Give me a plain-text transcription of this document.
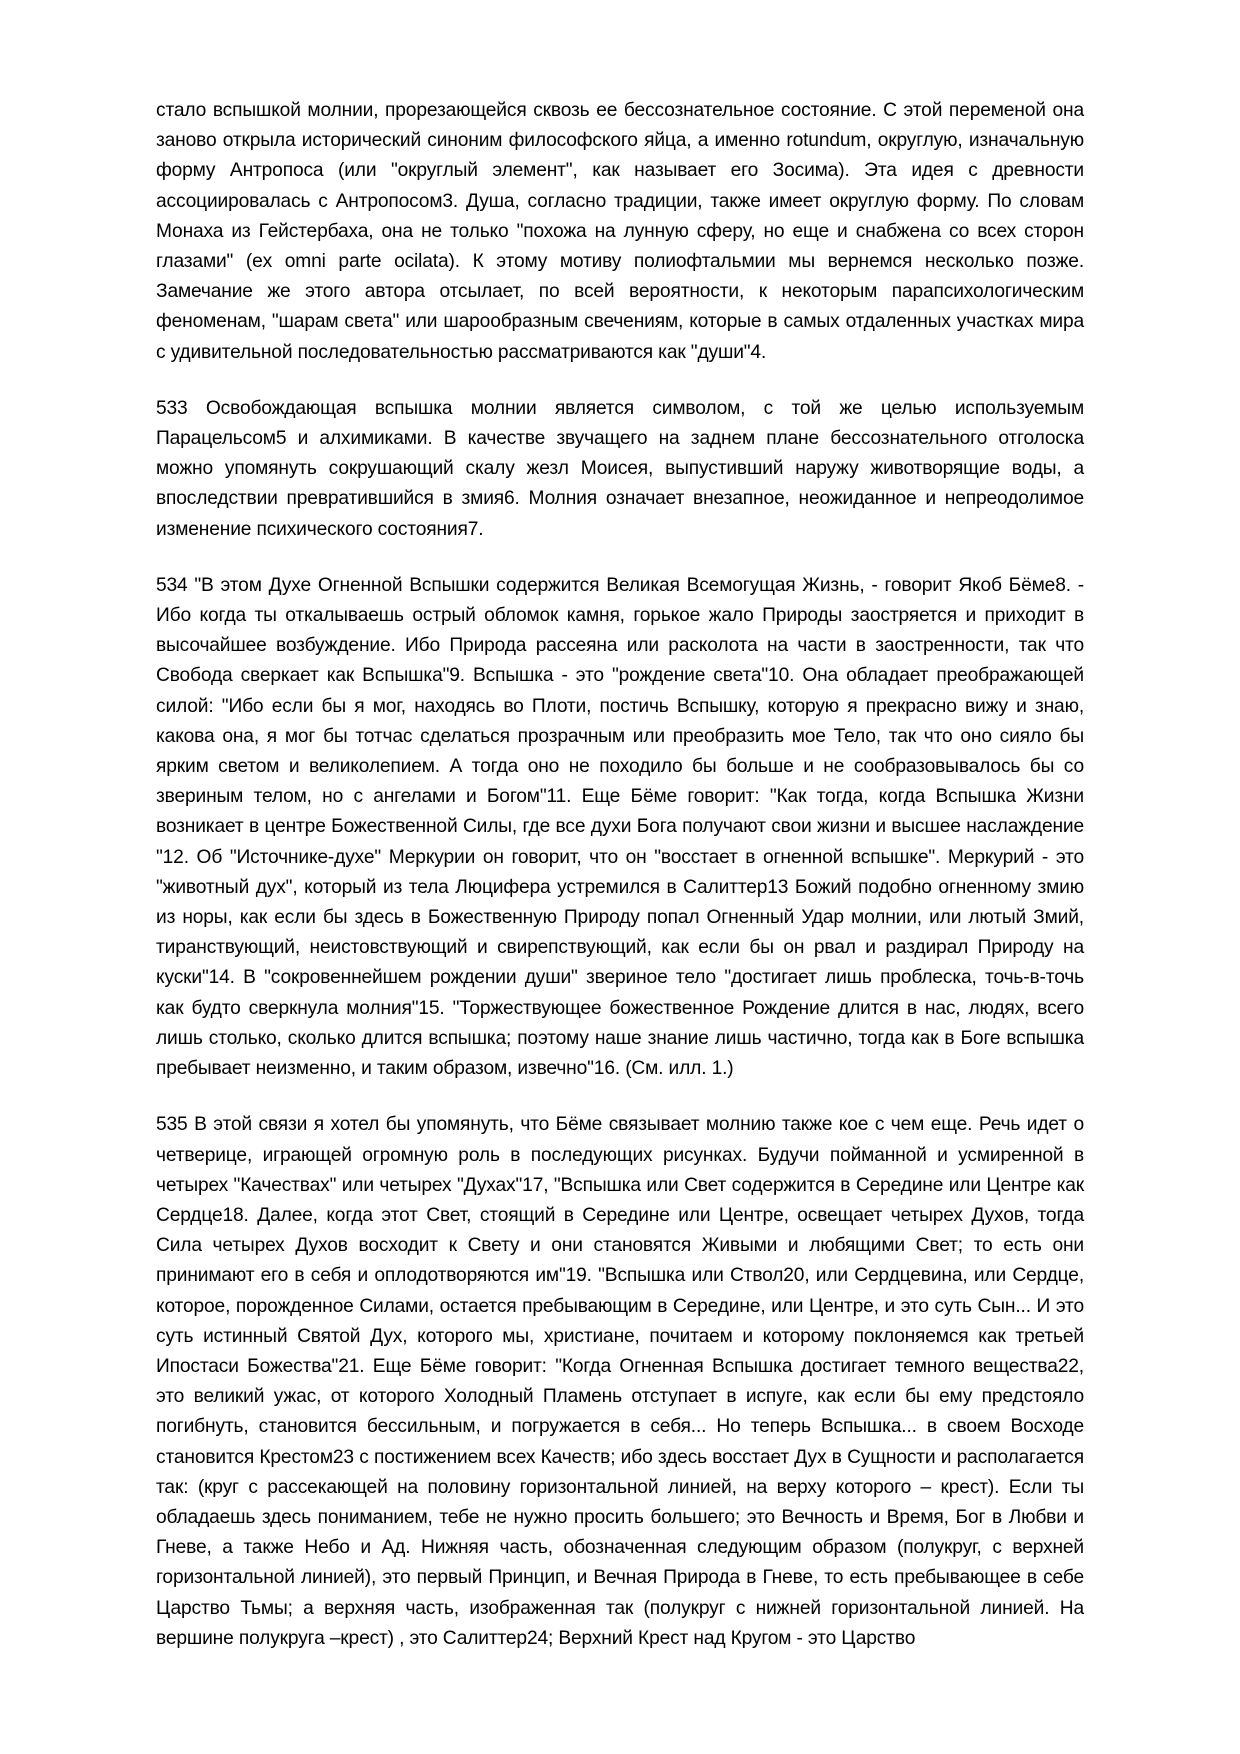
стало вспышкой молнии, прорезающейся сквозь ее бессознательное состояние. С этой переменой она заново открыла исторический синоним философского яйца, а именно rotundum, округлую, изначальную форму Антропоса (или "округлый элемент", как называет его Зосима). Эта идея с древности ассоциировалась с Антропосом3. Душа, согласно традиции, также имеет округлую форму. По словам Монаха из Гейстербаха, она не только "похожа на лунную сферу, но еще и снабжена со всех сторон глазами" (ex omni parte ocilata). К этому мотиву полиофтальмии мы вернемся несколько позже. Замечание же этого автора отсылает, по всей вероятности, к некоторым парапсихологическим феноменам, "шарам света" или шарообразным свечениям, которые в самых отдаленных участках мира с удивительной последовательностью рассматриваются как "души"4.

533 Освобождающая вспышка молнии является символом, с той же целью используемым Парацельсом5 и алхимиками. В качестве звучащего на заднем плане бессознательного отголоска можно упомянуть сокрушающий скалу жезл Моисея, выпустивший наружу животворящие воды, а впоследствии превратившийся в змия6. Молния означает внезапное, неожиданное и непреодолимое изменение психического состояния7.

534 "В этом Духе Огненной Вспышки содержится Великая Всемогущая Жизнь, - говорит Якоб Бёме8. - Ибо когда ты откалываешь острый обломок камня, горькое жало Природы заостряется и приходит в высочайшее возбуждение. Ибо Природа рассеяна или расколота на части в заостренности, так что Свобода сверкает как Вспышка"9. Вспышка - это "рождение света"10. Она обладает преображающей силой: "Ибо если бы я мог, находясь во Плоти, постичь Вспышку, которую я прекрасно вижу и знаю, какова она, я мог бы тотчас сделаться прозрачным или преобразить мое Тело, так что оно сияло бы ярким светом и великолепием. А тогда оно не походило бы больше и не сообразовывалось бы со звериным телом, но с ангелами и Богом"11. Еще Бёме говорит: "Как тогда, когда Вспышка Жизни возникает в центре Божественной Силы, где все духи Бога получают свои жизни и высшее наслаждение "12. Об "Источнике-духе" Меркурии он говорит, что он "восстает в огненной вспышке". Меркурий - это "животный дух", который из тела Люцифера устремился в Салиттер13 Божий подобно огненному змию из норы, как если бы здесь в Божественную Природу попал Огненный Удар молнии, или лютый Змий, тиранствующий, неистовствующий и свирепствующий, как если бы он рвал и раздирал Природу на куски"14. В "сокровеннейшем рождении души" звериное тело "достигает лишь проблеска, точь-в-точь как будто сверкнула молния"15. "Торжествующее божественное Рождение длится в нас, людях, всего лишь столько, сколько длится вспышка; поэтому наше знание лишь частично, тогда как в Боге вспышка пребывает неизменно, и таким образом, извечно"16. (См. илл. 1.)

535 В этой связи я хотел бы упомянуть, что Бёме связывает молнию также кое с чем еще. Речь идет о четверице, играющей огромную роль в последующих рисунках. Будучи пойманной и усмиренной в четырех "Качествах" или четырех "Духах"17, "Вспышка или Свет содержится в Середине или Центре как Сердце18. Далее, когда этот Свет, стоящий в Середине или Центре, освещает четырех Духов, тогда Сила четырех Духов восходит к Свету и они становятся Живыми и любящими Свет; то есть они принимают его в себя и оплодотворяются им"19. "Вспышка или Ствол20, или Сердцевина, или Сердце, которое, порожденное Силами, остается пребывающим в Середине, или Центре, и это суть Сын... И это суть истинный Святой Дух, которого мы, христиане, почитаем и которому поклоняемся как третьей Ипостаси Божества"21. Еще Бёме говорит: "Когда Огненная Вспышка достигает темного вещества22, это великий ужас, от которого Холодный Пламень отступает в испуге, как если бы ему предстояло погибнуть, становится бессильным, и погружается в себя... Но теперь Вспышка... в своем Восходе становится Крестом23 с постижением всех Качеств; ибо здесь восстает Дух в Сущности и располагается так: (круг с рассекающей на половину горизонтальной линией, на верху которого – крест). Если ты обладаешь здесь пониманием, тебе не нужно просить большего; это Вечность и Время, Бог в Любви и Гневе, а также Небо и Ад. Нижняя часть, обозначенная следующим образом (полукруг, с верхней горизонтальной линией), это первый Принцип, и Вечная Природа в Гневе, то есть пребывающее в себе Царство Тьмы; а верхняя часть, изображенная так (полукруг с нижней горизонтальной линией. На вершине полукруга –крест) , это Салиттер24; Верхний Крест над Кругом - это Царство
